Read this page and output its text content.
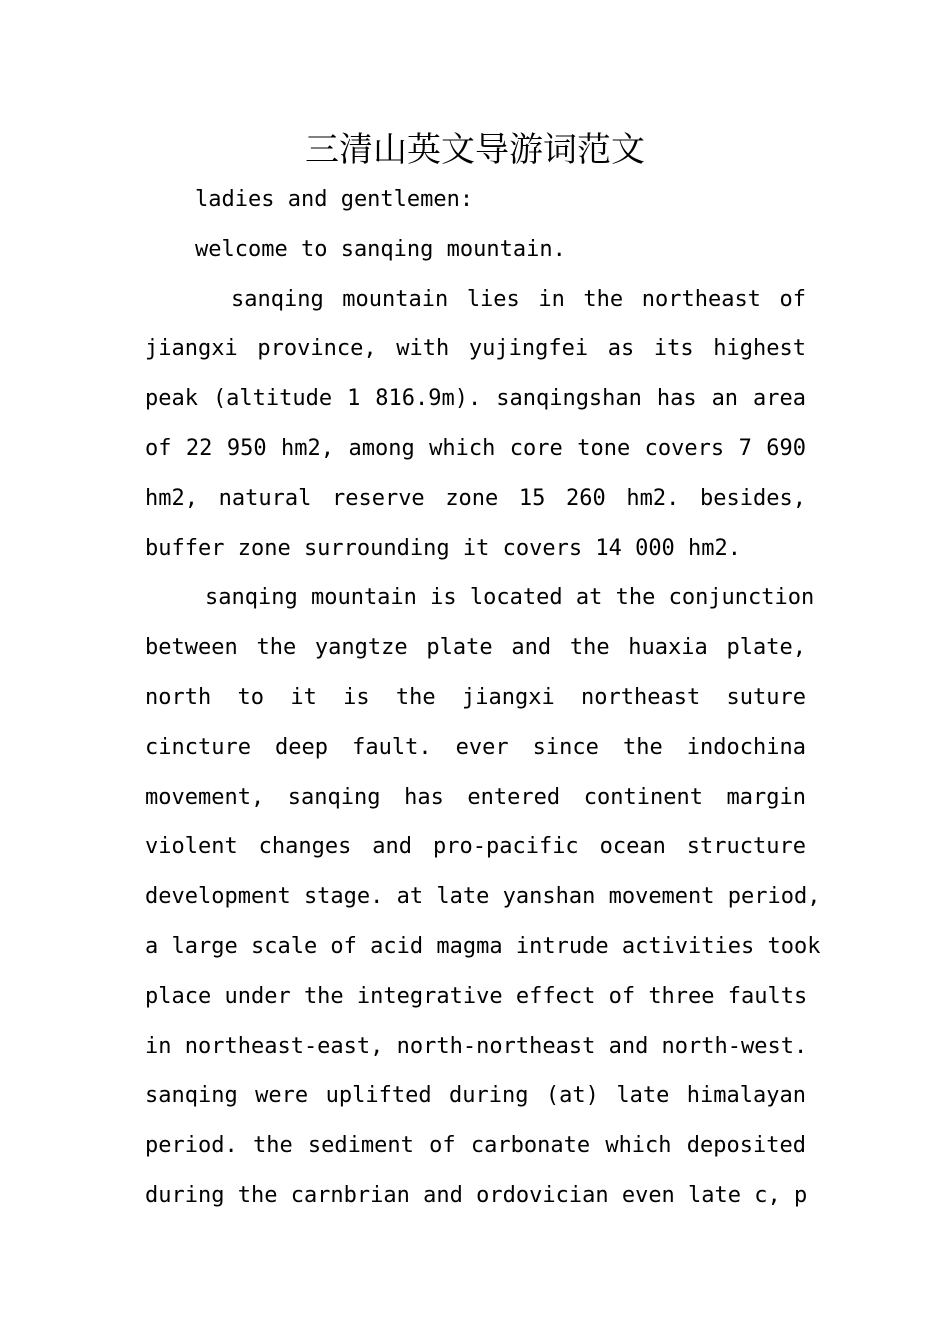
三清山英文导游词范文
ladies and gentlemen:
welcome to sanqing mountain.
sanqing mountain lies in the northeast of
jiangxi province, with yujingfei as its highest
peak (altitude 1 816.9m). sanqingshan has an area
of 22 950 hm2, among which core tone covers 7 690
hm2, natural reserve zone 15 260 hm2. besides,
buffer zone surrounding it covers 14 000 hm2.
sanqing mountain is located at the conjunction
between the yangtze plate and the huaxia plate,
north to it is the jiangxi northeast suture
cincture deep fault. ever since the indochina
movement, sanqing has entered continent margin
violent changes and pro-pacific ocean structure
development stage. at late yanshan movement period,
a large scale of acid magma intrude activities took
place under the integrative effect of three faults
in northeast-east, north-northeast and north-west.
sanqing were uplifted during (at) late himalayan
period. the sediment of carbonate which deposited
during the carnbrian and ordovician even late c, p
